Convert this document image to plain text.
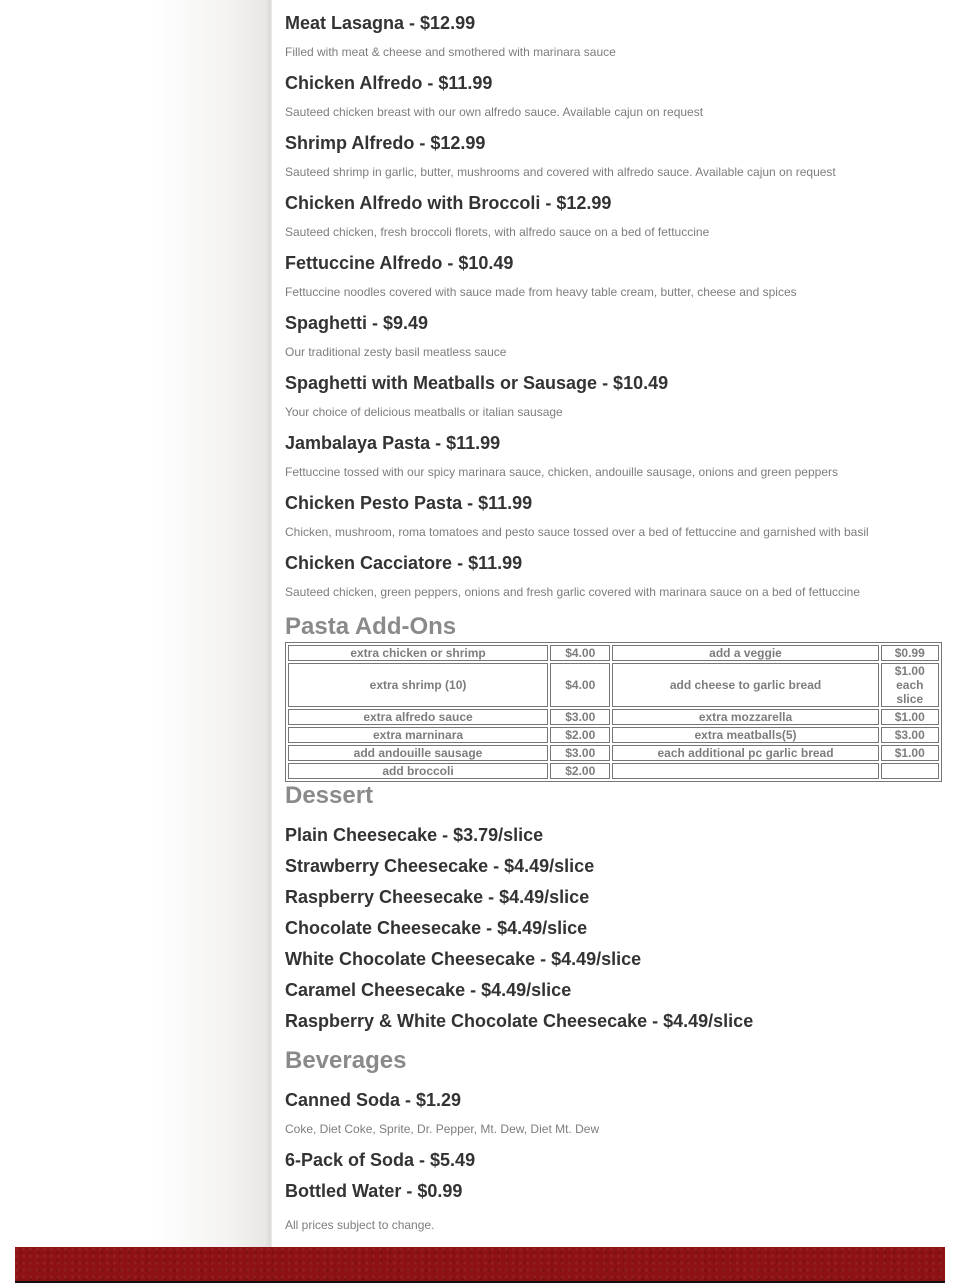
Meat Lasagna - $12.99

Filled with meat & cheese and smothered with marinara sauce

Chicken Alfredo - $11.99

Sauteed chicken breast with our own alfredo sauce. Available cajun on request

Shrimp Alfredo - $12.99

Sauteed shrimp in garlic, butter, mushrooms and covered with alfredo sauce. Available cajun on request

Chicken Alfredo with Broccoli - $12.99

Sauteed chicken, fresh broccoli florets, with alfredo sauce on a bed of fettuccine

Fettuccine Alfredo - $10.49

Fettuccine noodles covered with sauce made from heavy table cream, butter, cheese and spices

Spaghetti - $9.49

Our traditional zesty basil meatless sauce

Spaghetti with Meatballs or Sausage - $10.49

Your choice of delicious meatballs or italian sausage

Jambalaya Pasta - $11.99

Fettuccine tossed with our spicy marinara sauce, chicken, andouille sausage, onions and green peppers

Chicken Pesto Pasta - $11.99

Chicken, mushroom, roma tomatoes and pesto sauce tossed over a bed of fettuccine and garnished with basil

Chicken Cacciatore - $11.99

Sauteed chicken, green peppers, onions and fresh garlic covered with marinara sauce on a bed of fettuccine

Pasta Add-Ons
extra chicken or shrimp	$4.00	add a veggie	$0.99
extra shrimp (10)	$4.00	add cheese to garlic bread	$1.00 each slice
extra alfredo sauce	$3.00	extra mozzarella	$1.00
extra marninara	$2.00	extra meatballs(5)	$3.00
add andouille sausage	$3.00	each additional pc garlic bread	$1.00
add broccoli	$2.00		
Dessert
Plain Cheesecake - $3.79/slice
Strawberry Cheesecake - $4.49/slice
Raspberry Cheesecake - $4.49/slice
Chocolate Cheesecake - $4.49/slice
White Chocolate Cheesecake - $4.49/slice
Caramel Cheesecake - $4.49/slice
Raspberry & White Chocolate Cheesecake - $4.49/slice
Beverages
Canned Soda - $1.29

Coke, Diet Coke, Sprite, Dr. Pepper, Mt. Dew, Diet Mt. Dew

6-Pack of Soda - $5.49
Bottled Water - $0.99

All prices subject to change.
